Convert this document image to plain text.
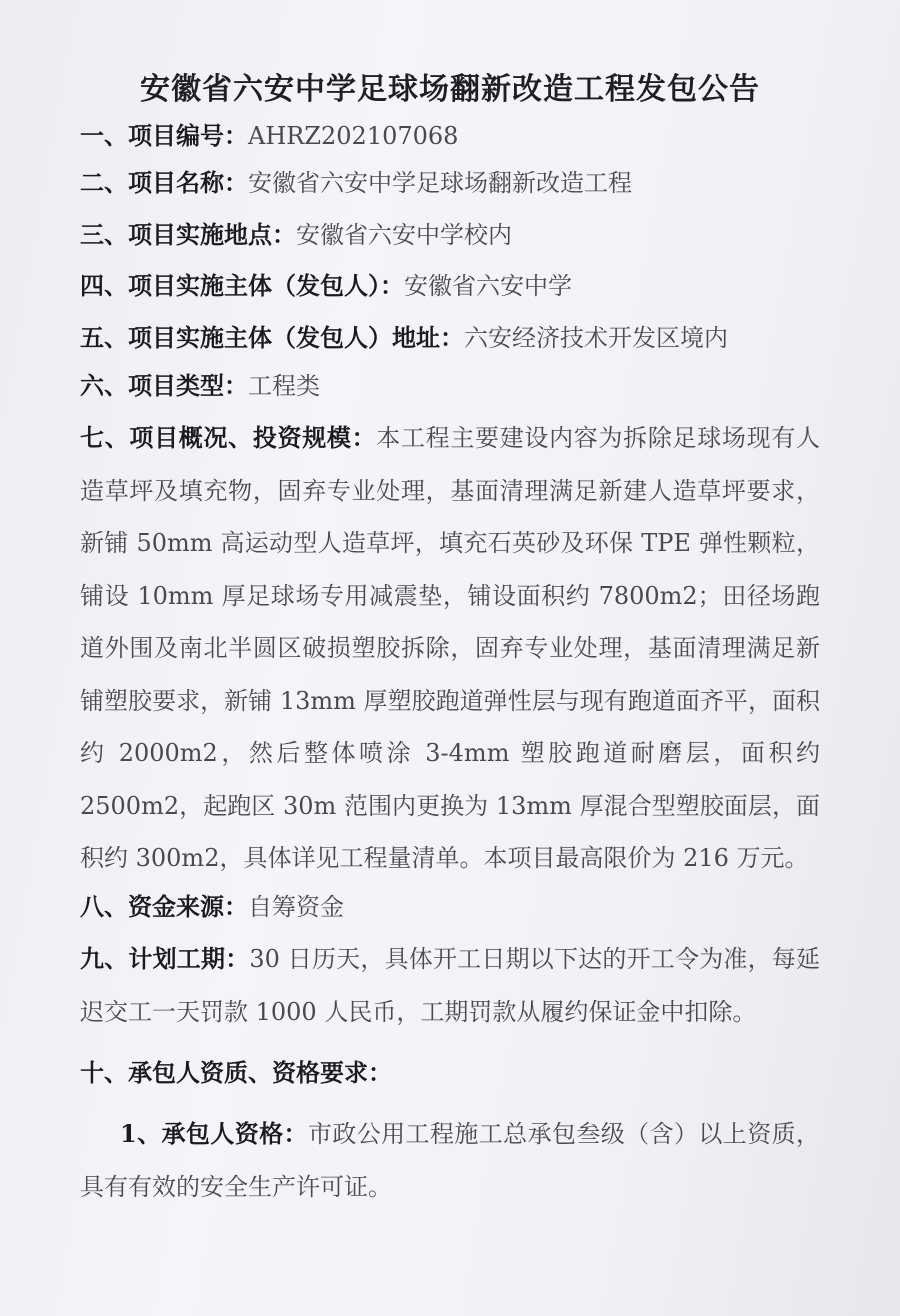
安徽省六安中学足球场翻新改造工程发包公告
一、项目编号：AHRZ202107068
二、项目名称：安徽省六安中学足球场翻新改造工程
三、项目实施地点：安徽省六安中学校内
四、项目实施主体（发包人）：安徽省六安中学
五、项目实施主体（发包人）地址：六安经济技术开发区境内
六、项目类型：工程类
七、项目概况、投资规模：本工程主要建设内容为拆除足球场现有人造草坪及填充物，固弃专业处理，基面清理满足新建人造草坪要求，新铺 50mm 高运动型人造草坪，填充石英砂及环保 TPE 弹性颗粒，铺设 10mm 厚足球场专用减震垫，铺设面积约 7800m2；田径场跑道外围及南北半圆区破损塑胶拆除，固弃专业处理，基面清理满足新铺塑胶要求，新铺 13mm 厚塑胶跑道弹性层与现有跑道面齐平，面积约 2000m2，然后整体喷涂 3-4mm 塑胶跑道耐磨层，面积约 2500m2，起跑区 30m 范围内更换为 13mm 厚混合型塑胶面层，面积约 300m2，具体详见工程量清单。本项目最高限价为 216 万元。
八、资金来源：自筹资金
九、计划工期：30 日历天，具体开工日期以下达的开工令为准，每延迟交工一天罚款 1000 人民币，工期罚款从履约保证金中扣除。
十、承包人资质、资格要求：
1、承包人资格：市政公用工程施工总承包叁级（含）以上资质，具有有效的安全生产许可证。
